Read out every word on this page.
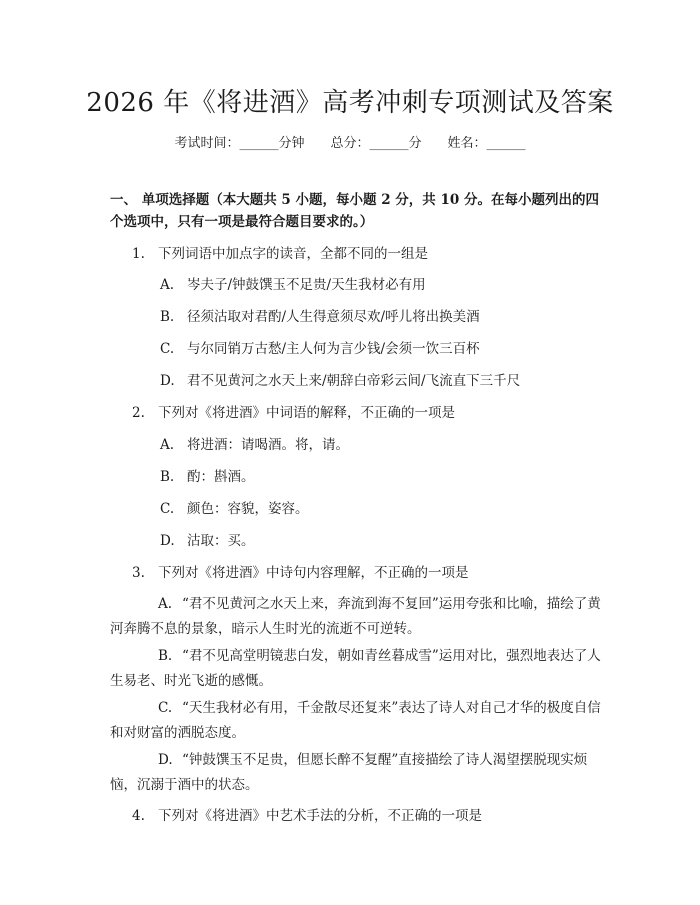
2026 年《将进酒》高考冲刺专项测试及答案
考试时间：______分钟 总分：______分 姓名：______
一、 单项选择题（本大题共 5 小题，每小题 2 分，共 10 分。在每小题列出的四个选项中，只有一项是最符合题目要求的。）
1. 下列词语中加点字的读音，全都不同的一组是
A. 岑夫子/钟鼓馔玉不足贵/天生我材必有用
B. 径须沽取对君酌/人生得意须尽欢/呼儿将出换美酒
C. 与尔同销万古愁/主人何为言少钱/会须一饮三百杯
D. 君不见黄河之水天上来/朝辞白帝彩云间/飞流直下三千尺
2. 下列对《将进酒》中词语的解释，不正确的一项是
A. 将进酒：请喝酒。将，请。
B. 酌：斟酒。
C. 颜色：容貌，姿容。
D. 沽取：买。
3. 下列对《将进酒》中诗句内容理解，不正确的一项是
A. “君不见黄河之水天上来，奔流到海不复回”运用夸张和比喻，描绘了黄河奔腾不息的景象，暗示人生时光的流逝不可逆转。
B. “君不见高堂明镜悲白发，朝如青丝暮成雪”运用对比，强烈地表达了人生易老、时光飞逝的感慨。
C. “天生我材必有用，千金散尽还复来”表达了诗人对自己才华的极度自信和对财富的洒脱态度。
D. “钟鼓馔玉不足贵，但愿长醉不复醒”直接描绘了诗人渴望摆脱现实烦恼，沉溺于酒中的状态。
4. 下列对《将进酒》中艺术手法的分析，不正确的一项是
